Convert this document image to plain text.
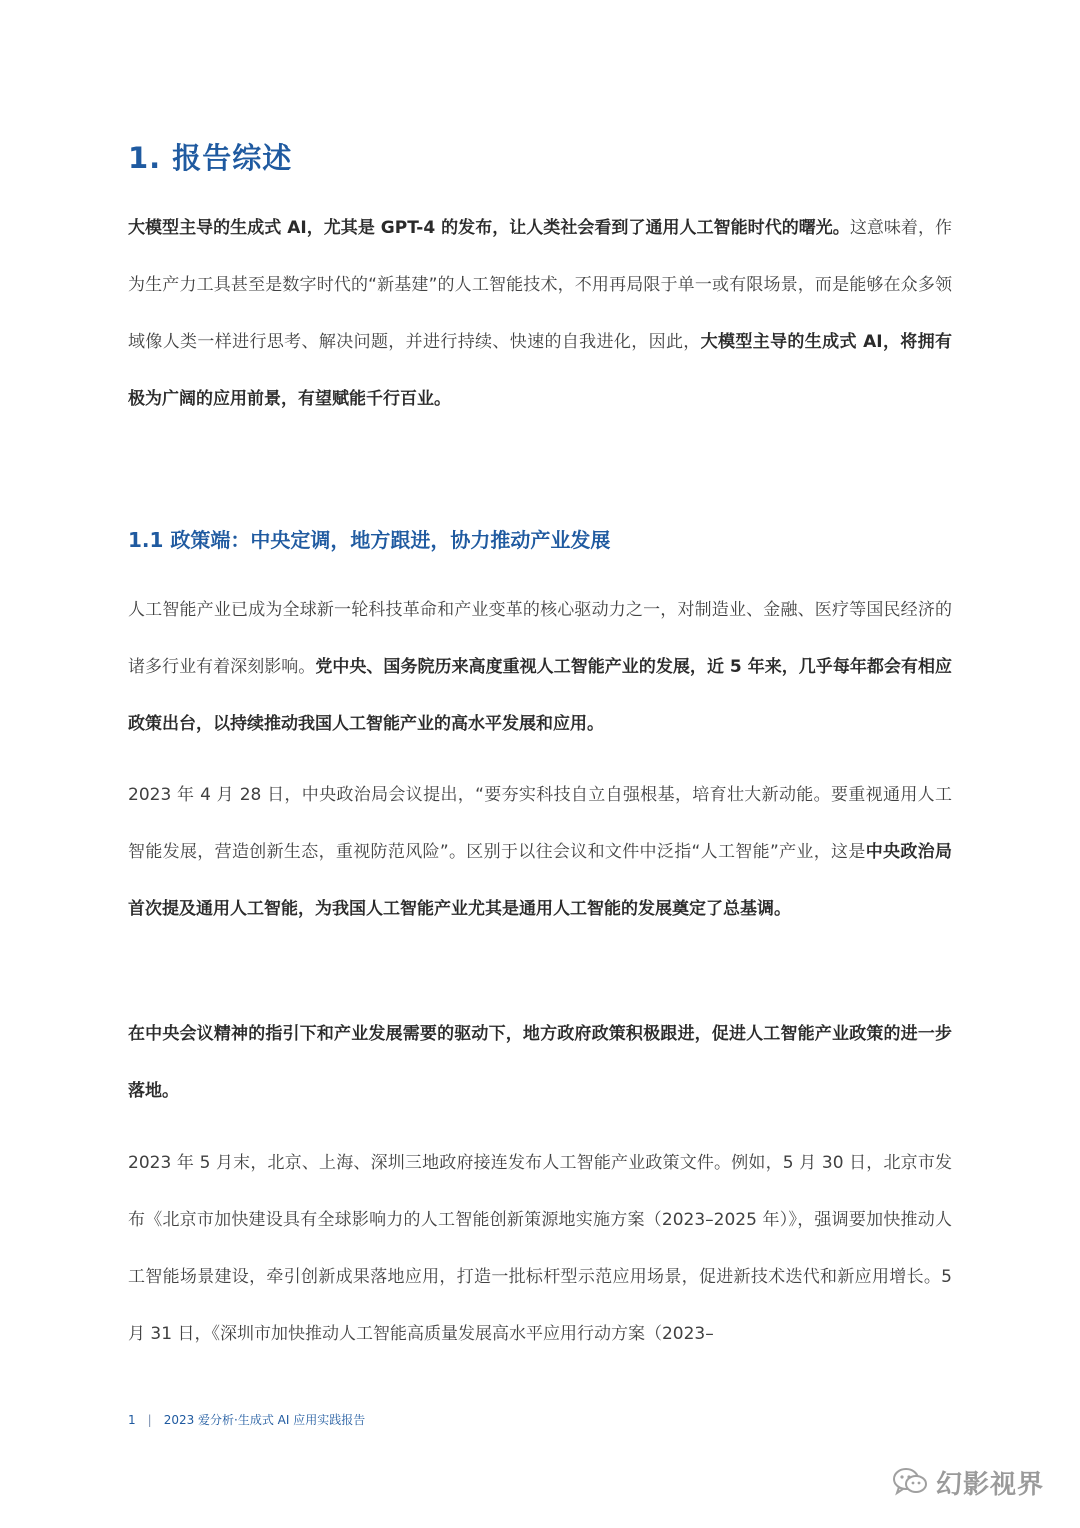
1. 报告综述

大模型主导的生成式 AI，尤其是 GPT-4 的发布，让人类社会看到了通用人工智能时代的曙光。这意味着，作为生产力工具甚至是数字时代的“新基建”的人工智能技术，不用再局限于单一或有限场景，而是能够在众多领域像人类一样进行思考、解决问题，并进行持续、快速的自我进化，因此，大模型主导的生成式 AI，将拥有极为广阔的应用前景，有望赋能千行百业。

1.1 政策端：中央定调，地方跟进，协力推动产业发展

人工智能产业已成为全球新一轮科技革命和产业变革的核心驱动力之一，对制造业、金融、医疗等国民经济的诸多行业有着深刻影响。党中央、国务院历来高度重视人工智能产业的发展，近 5 年来，几乎每年都会有相应政策出台，以持续推动我国人工智能产业的高水平发展和应用。

2023 年 4 月 28 日，中央政治局会议提出，“要夯实科技自立自强根基，培育壮大新动能。要重视通用人工智能发展，营造创新生态，重视防范风险”。区别于以往会议和文件中泛指“人工智能”产业，这是中央政治局首次提及通用人工智能，为我国人工智能产业尤其是通用人工智能的发展奠定了总基调。

在中央会议精神的指引下和产业发展需要的驱动下，地方政府政策积极跟进，促进人工智能产业政策的进一步落地。

2023 年 5 月末，北京、上海、深圳三地政府接连发布人工智能产业政策文件。例如，5 月 30 日，北京市发布《北京市加快建设具有全球影响力的人工智能创新策源地实施方案（2023–2025 年）》，强调要加快推动人工智能场景建设，牵引创新成果落地应用，打造一批标杆型示范应用场景，促进新技术迭代和新应用增长。5 月 31 日，《深圳市加快推动人工智能高质量发展高水平应用行动方案（2023–

1 | 2023 爱分析·生成式 AI 应用实践报告
幻影视界
